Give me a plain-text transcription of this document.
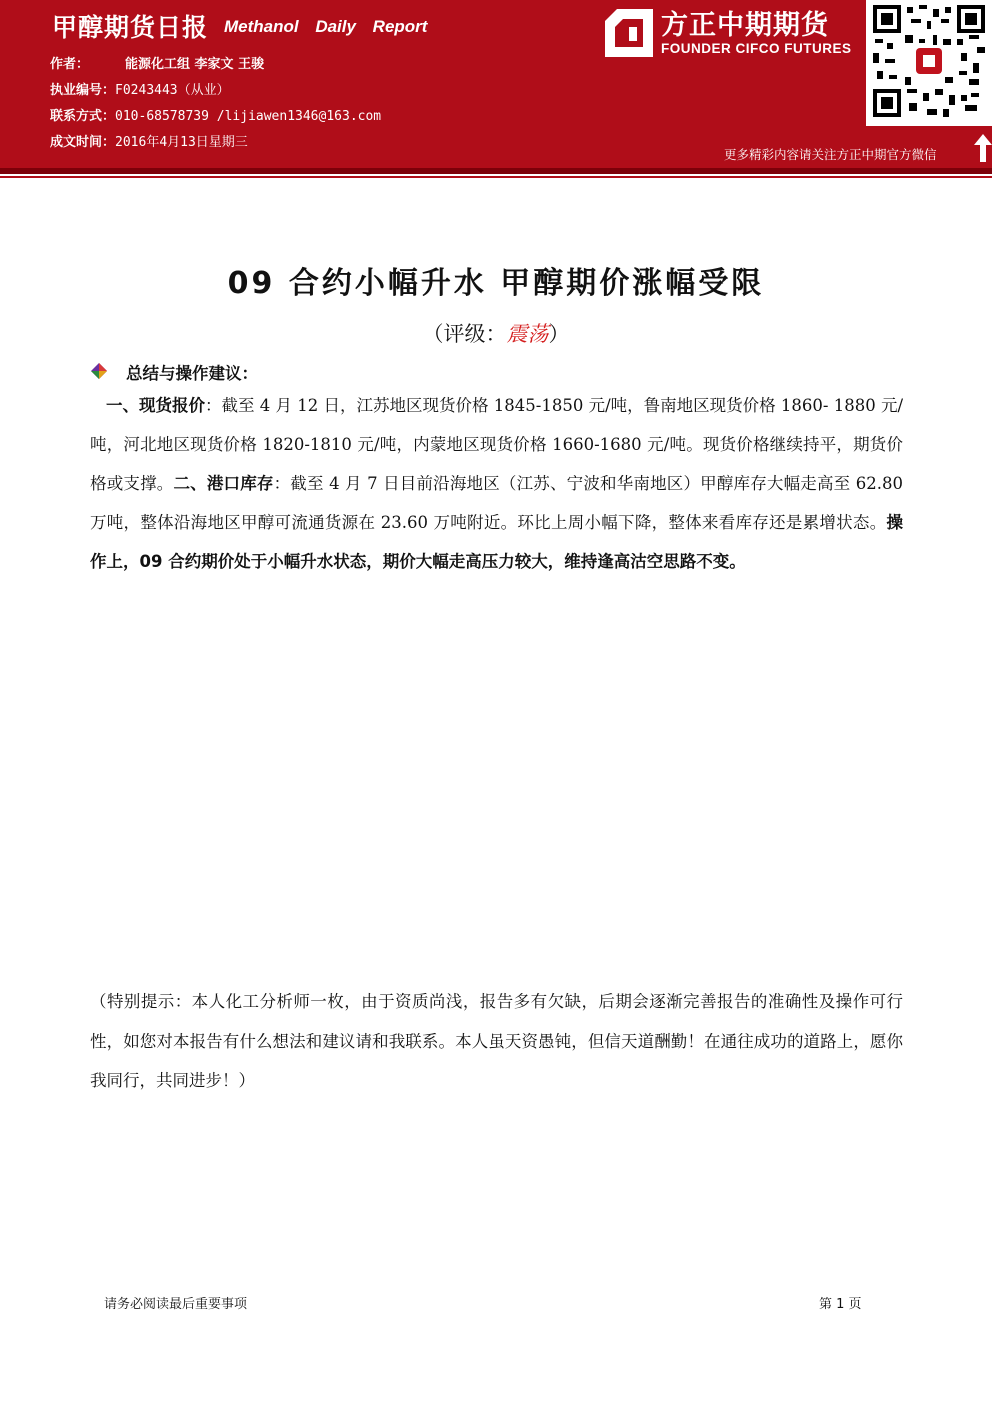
甲醇期货日报 Methanol Daily Report
作者：	能源化工组 李家文 王骏
执业编号：F0243443（从业）
联系方式：010-68578739 /lijiawen1346@163.com
成文时间：2016年4月13日星期三
方正中期期货
FOUNDER CIFCO FUTURES
更多精彩内容请关注方正中期官方微信
09 合约小幅升水 甲醇期价涨幅受限
（评级：震荡）
总结与操作建议：
一、现货报价：截至 4 月 12 日，江苏地区现货价格 1845-1850 元/吨，鲁南地区现货价格 1860- 1880 元/吨，河北地区现货价格 1820-1810 元/吨，内蒙地区现货价格 1660-1680 元/吨。现货价格继续持平，期货价格或支撑。二、港口库存：截至 4 月 7 日目前沿海地区（江苏、宁波和华南地区）甲醇库存大幅走高至 62.80 万吨，整体沿海地区甲醇可流通货源在 23.60 万吨附近。环比上周小幅下降，整体来看库存还是累增状态。操作上，09 合约期价处于小幅升水状态，期价大幅走高压力较大，维持逢高沽空思路不变。
（特别提示：本人化工分析师一枚，由于资质尚浅，报告多有欠缺，后期会逐渐完善报告的准确性及操作可行性，如您对本报告有什么想法和建议请和我联系。本人虽天资愚钝，但信天道酬勤！在通往成功的道路上，愿你我同行，共同进步！）
请务必阅读最后重要事项	第 1 页
